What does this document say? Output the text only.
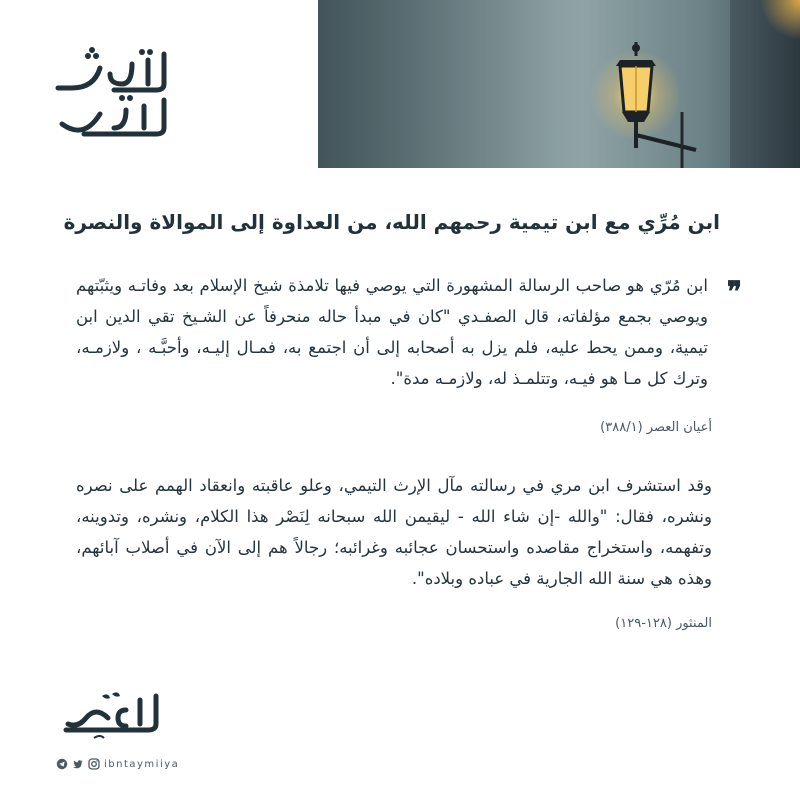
ابن مُرِّي مع ابن تيمية رحمهم الله، من العداوة إلى الموالاة والنصرة
❞

ابن مُرّي هو صاحب الرسالة المشهورة التي يوصي فيها تلامذة شيخ الإسلام بعد وفاتـه ويثبّتهم ويوصي بجمع مؤلفاته، قال الصفـدي "كان في مبدأ حاله منحرفاً عن الشـيخ تقي الدين ابن تيمية، وممن يحط عليه، فلم يزل به أصحابه إلى أن اجتمع به، فمـال إليـه، وأحبَّـه ، ولازمـه، وترك كل مـا هو فيـه، وتتلمـذ له، ولازمـه مدة".

أعيان العصر (٣٨٨/١)

وقد استشرف ابن مري في رسالته مآل الإرث التيمي، وعلو عاقبته وانعقاد الهمم على نصره ونشره، فقال: "والله -إن شاء الله - ليقيمن الله سبحانه لِنَصْر هذا الكلام، ونشره، وتدوينه، وتفهمه، واستخراج مقاصده واستحسان عجائبه وغرائبه؛ رجالاً هم إلى الآن في أصلاب آبائهم، وهذه هي سنة الله الجارية في عباده وبلاده".

المنثور (١٢٨-١٢٩)
ibntaymiiya
